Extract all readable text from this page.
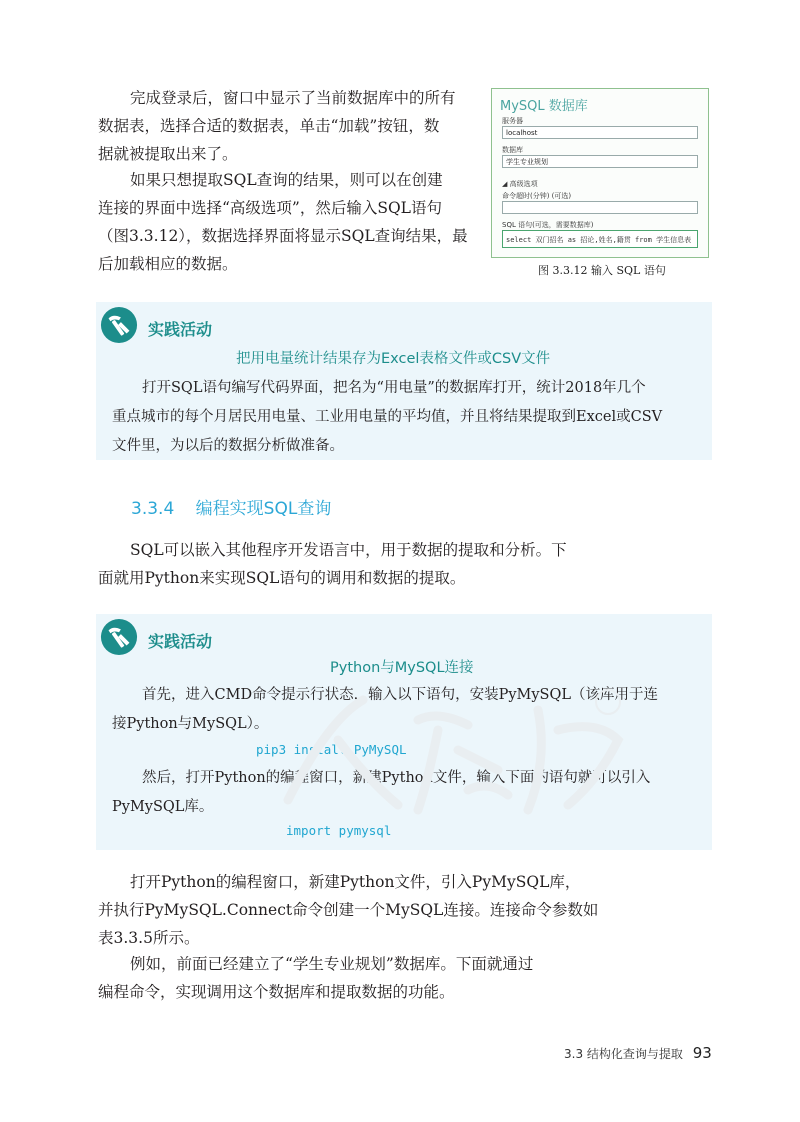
完成登录后，窗口中显示了当前数据库中的所有
数据表，选择合适的数据表，单击“加载”按钮，数
据就被提取出来了。

如果只想提取SQL查询的结果，则可以在创建
连接的界面中选择“高级选项”，然后输入SQL语句
（图3.3.12），数据选择界面将显示SQL查询结果，最
后加载相应的数据。

MySQL 数据库
服务器
localhost
数据库
学生专业规划
◢ 高级选项
命令超时(分钟) (可选)
SQL 语句(可选，需要数据库)
select 双门招名 as 招论,姓名,籍贯 from 学生信息表
图 3.3.12 输入 SQL 语句
实践活动
把用电量统计结果存为Excel表格文件或CSV文件

打开SQL语句编写代码界面，把名为“用电量”的数据库打开，统计2018年几个
重点城市的每个月居民用电量、工业用电量的平均值，并且将结果提取到Excel或CSV
文件里，为以后的数据分析做准备。

3.3.4 编程实现SQL查询

SQL可以嵌入其他程序开发语言中，用于数据的提取和分析。下
面就用Python来实现SQL语句的调用和数据的提取。

实践活动
Python与MySQL连接

首先，进入CMD命令提示行状态，输入以下语句，安装PyMySQL（该库用于连
接Python与MySQL）。

pip3 install PyMySQL

然后，打开Python的编程窗口，新建Python文件，输入下面的语句就可以引入
PyMySQL库。

import pymysql

打开Python的编程窗口，新建Python文件，引入PyMySQL库，
并执行PyMySQL.Connect命令创建一个MySQL连接。连接命令参数如
表3.3.5所示。

例如，前面已经建立了“学生专业规划”数据库。下面就通过
编程命令，实现调用这个数据库和提取数据的功能。

3.3 结构化查询与提取 93
